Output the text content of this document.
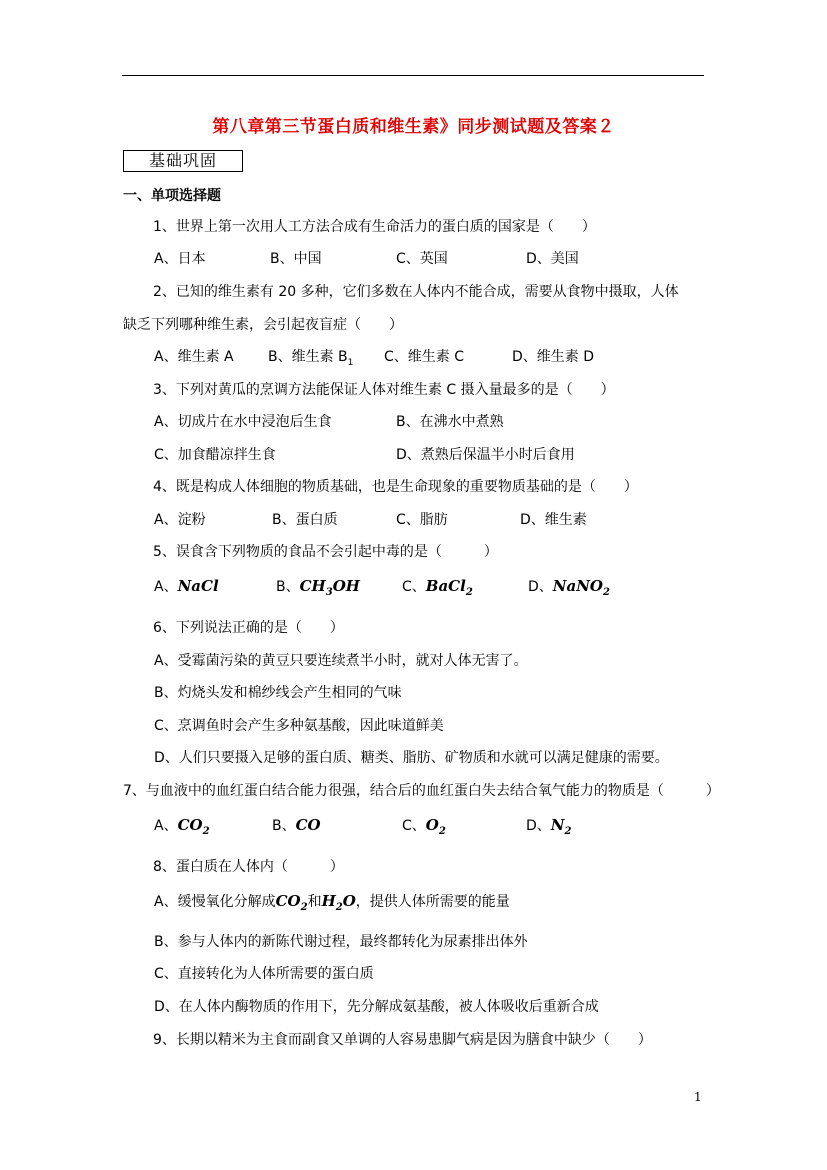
第八章第三节蛋白质和维生素》同步测试题及答案２
基础巩固
一、单项选择题
1、世界上第一次用人工方法合成有生命活力的蛋白质的国家是（　　）
A、日本	B、中国	C、英国	D、美国
2、已知的维生素有 20 多种，它们多数在人体内不能合成，需要从食物中摄取，人体
缺乏下列哪种维生素，会引起夜盲症（　　）
A、维生素 A B、维生素 $B_1$ C、维生素 C	D、维生素 D
3、下列对黄瓜的烹调方法能保证人体对维生素 C 摄入量最多的是（　　）
A、切成片在水中浸泡后生食	B、在沸水中煮熟
C、加食醋凉拌生食	D、煮熟后保温半小时后食用
4、既是构成人体细胞的物质基础，也是生命现象的重要物质基础的是（　　）
A、淀粉	B、蛋白质	C、脂肪	D、维生素
5、误食含下列物质的食品不会引起中毒的是（　　　）
A、NaCl	B、$CH_3OH$	C、BaCl$_2$	D、NaNO$_2$
6、下列说法正确的是（　　）
A、受霉菌污染的黄豆只要连续煮半小时，就对人体无害了。
B、灼烧头发和棉纱线会产生相同的气味
C、烹调鱼时会产生多种氨基酸，因此味道鲜美
D、人们只要摄入足够的蛋白质、糖类、脂肪、矿物质和水就可以满足健康的需要。
7、与血液中的血红蛋白结合能力很强，结合后的血红蛋白失去结合氧气能力的物质是（　　　）
A、$CO_2$	B、CO	C、$O_2$	D、$N_2$
8、蛋白质在人体内（　　　）
A、缓慢氧化分解成$CO_2$和$H_2O$，提供人体所需要的能量
B、参与人体内的新陈代谢过程，最终都转化为尿素排出体外
C、直接转化为人体所需要的蛋白质
D、在人体内酶物质的作用下，先分解成氨基酸，被人体吸收后重新合成
9、长期以精米为主食而副食又单调的人容易患脚气病是因为膳食中缺少（　　）
1
